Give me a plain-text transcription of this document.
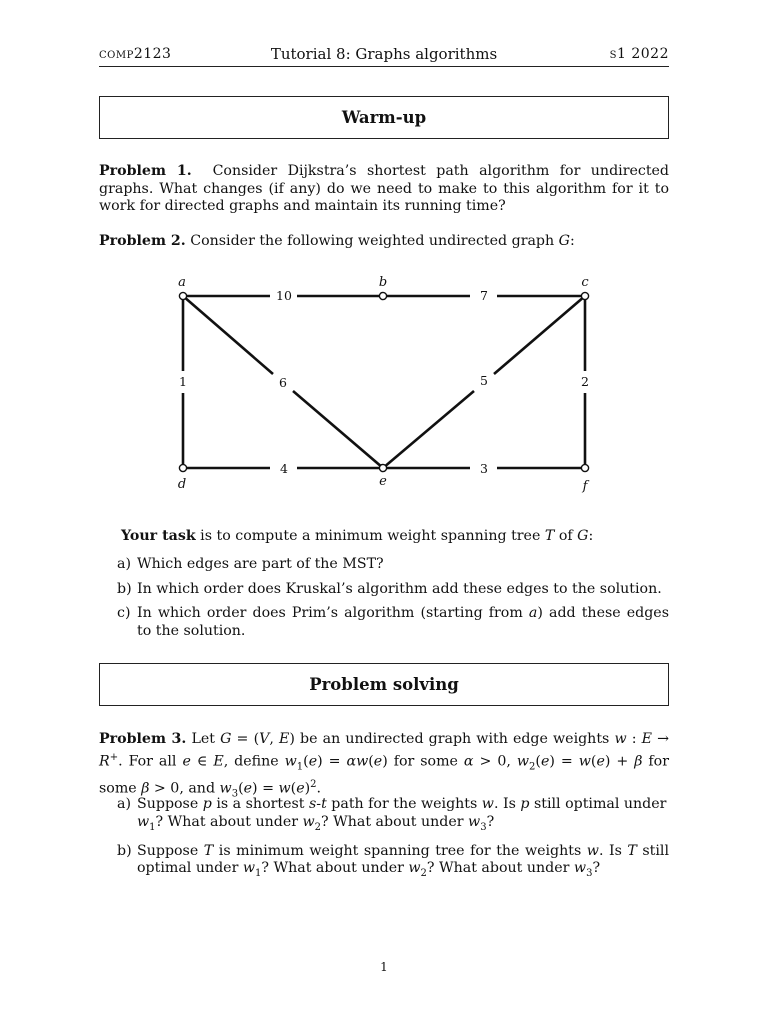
comp2123	Tutorial 8: Graphs algorithms	s1 2022
Warm-up
Problem 1. Consider Dijkstra’s shortest path algorithm for undirected graphs. What changes (if any) do we need to make to this algorithm for it to work for directed graphs and maintain its running time?
Problem 2. Consider the following weighted undirected graph G:
a	b	c
d	e	f
10	7
1	6	5	2
4	3
Your task is to compute a minimum weight spanning tree T of G:
a) Which edges are part of the MST?
b) In which order does Kruskal’s algorithm add these edges to the solution.
c) In which order does Prim’s algorithm (starting from a) add these edges to the solution.
Problem solving
Problem 3. Let G = (V, E) be an undirected graph with edge weights w : E → R+. For all e ∈ E, define $w_1(e) = \alpha w(e)$ for some α > 0, $w_2(e) = w(e) + \beta$ for some β > 0, and $w_3(e) = w(e)^2$.
a) Suppose p is a shortest s-t path for the weights w. Is p still optimal under $w_1$? What about under $w_2$? What about under $w_3$?
b) Suppose T is minimum weight spanning tree for the weights w. Is T still optimal under $w_1$? What about under $w_2$? What about under $w_3$?
1
